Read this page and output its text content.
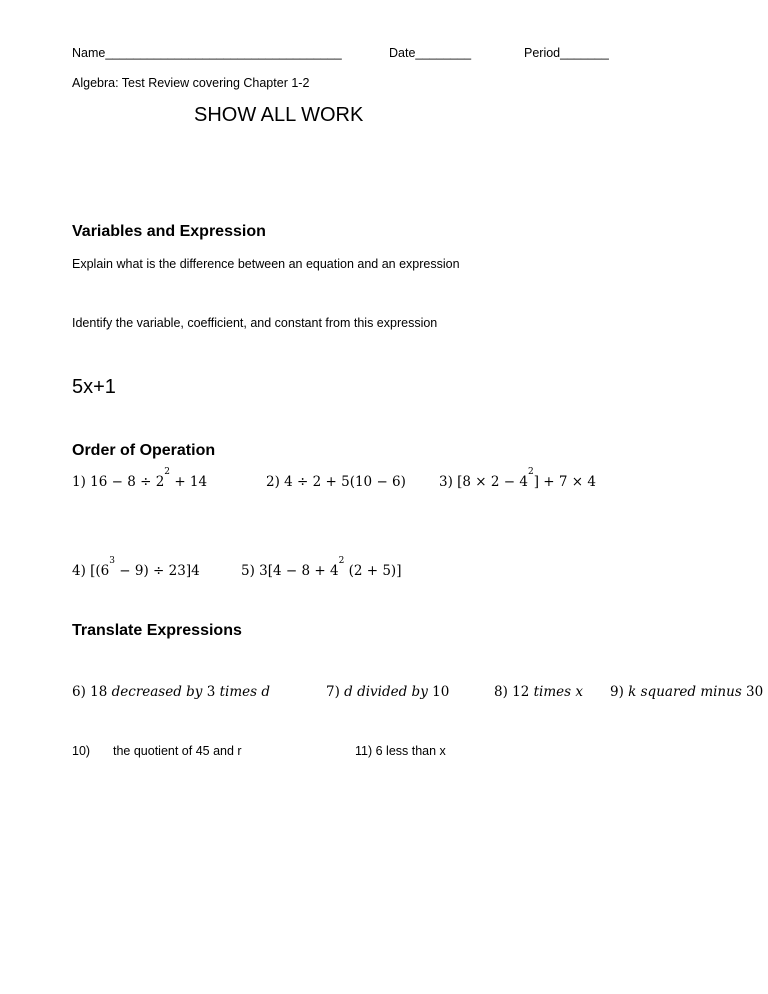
Name__________________________________	Date________	Period_______
Algebra: Test Review covering Chapter 1-2
SHOW ALL WORK
Variables and Expression
Explain what is the difference between an equation and an expression
Identify the variable, coefficient, and constant from this expression
5x+1
Order of Operation
1) $16 - 8 \div 2^2 + 14$	2) 4 ÷ 2 + 5(10 − 6) 3) $[8 \times 2 - 4^2] + 7 \times 4$
4) $[(6^3 - 9) \div 23]4$	5) $3[4 - 8 + 4^2$ (2 + 5)]
Translate Expressions
6) 18 decreased by 3 times d	7) d divided by 10	8) 12 times x 9) k squared minus 30
10) the quotient of 45 and r	11) 6 less than x
